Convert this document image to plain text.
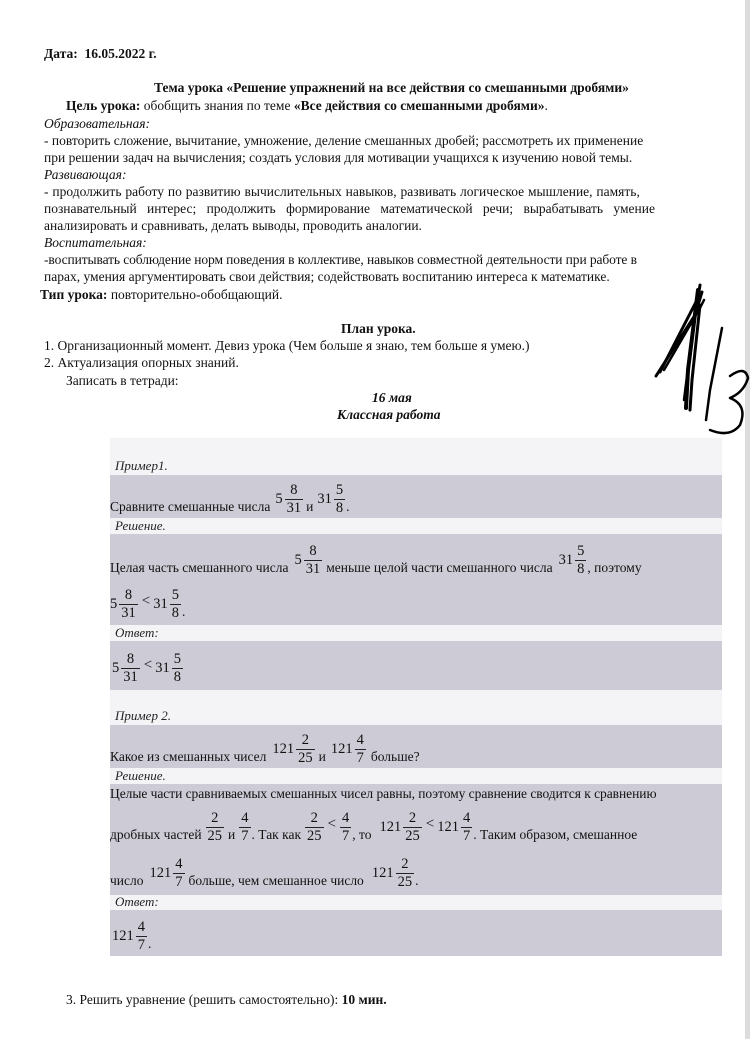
Дата: 16.05.2022 г.
Тема урока «Решение упражнений на все действия со смешанными дробями»
Цель урока: обобщить знания по теме «Все действия со смешанными дробями».
Образовательная:
- повторить сложение, вычитание, умножение, деление смешанных дробей; рассмотреть их применение
при решении задач на вычисления; создать условия для мотивации учащихся к изучению новой темы.
Развивающая:
- продолжить работу по развитию вычислительных навыков, развивать логическое мышление, память,
познавательный интерес; продолжить формирование математической речи; вырабатывать умение
анализировать и сравнивать, делать выводы, проводить аналогии.
Воспитательная:
-воспитывать соблюдение норм поведения в коллективе, навыков совместной деятельности при работе в
парах, умения аргументировать свои действия; содействовать воспитанию интереса к математике.
Тип урока: повторительно-обобщающий.
План урока.
1. Организационный момент. Девиз урока (Чем больше я знаю, тем больше я умею.)
2. Актуализация опорных знаний.
Записать в тетради:
16 мая
Классная работа
Пример1.
Сравните смешанные числа $5 \frac{8}{31}$ и $31 \frac{5}{8}$ .
Решение.
Целая часть смешанного числа $5 \frac{8}{31}$ меньше целой части смешанного числа $31 \frac{5}{8}$ , поэтому
$5 \frac{8}{31} < 31 \frac{5}{8}$ .
Ответ:
$5 \frac{8}{31} < 31 \frac{5}{8}$
Пример 2.
Какое из смешанных чисел $121 \frac{2}{25}$ и $121 \frac{4}{7}$ больше?
Решение.
Целые части сравниваемых смешанных чисел равны, поэтому сравнение сводится к сравнению
дробных частей $\frac{2}{25}$ и $\frac{4}{7}$ . Так как $\frac{2}{25} < \frac{4}{7}$ , то $121 \frac{2}{25} < 121 \frac{4}{7}$ . Таким образом, смешанное
число $121 \frac{4}{7}$ больше, чем смешанное число $121 \frac{2}{25}$ .
Ответ:
$121 \frac{4}{7}$ .
3. Решить уравнение (решить самостоятельно): 10 мин.
